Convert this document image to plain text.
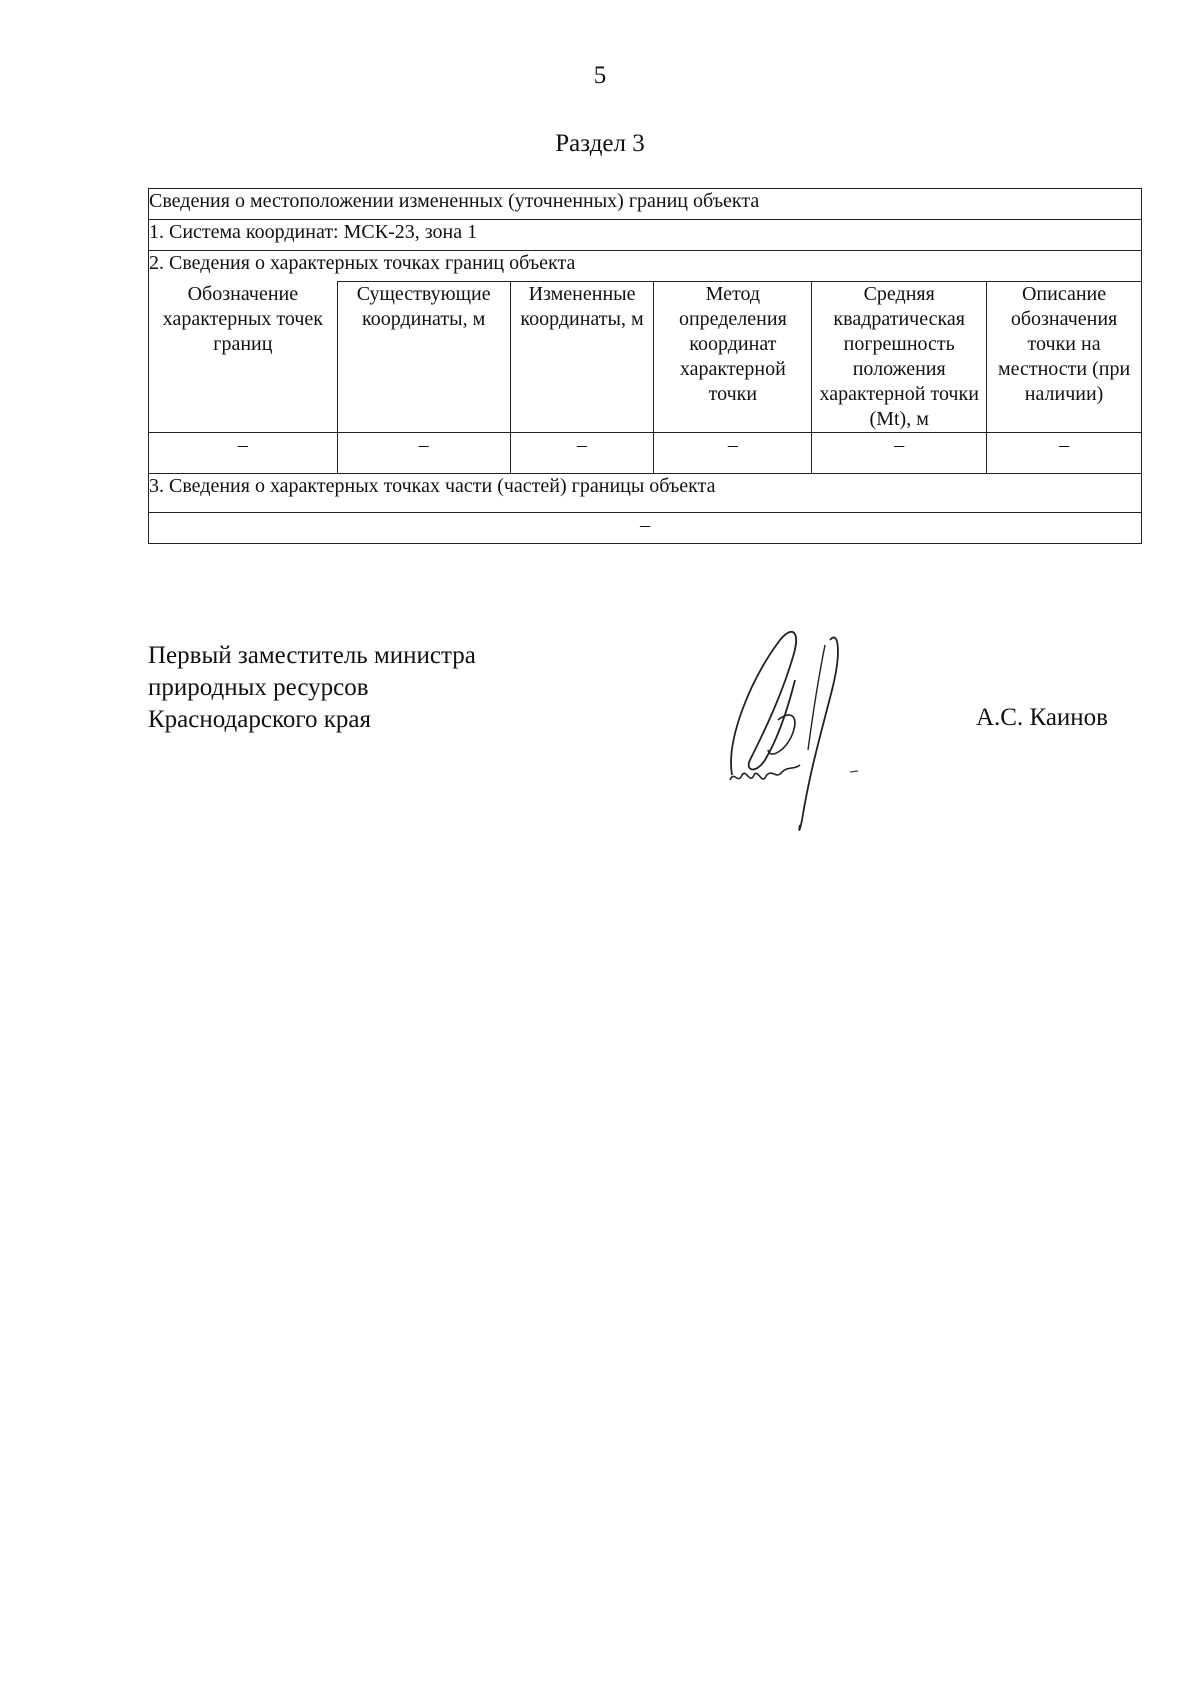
5
Раздел 3
Сведения о местоположении измененных (уточненных) границ объекта					
1. Система координат: МСК-23, зона 1					
2. Сведения о характерных точках границ объекта					
Обозначение характерных точек границ	Существующие координаты, м	Измененные координаты, м	Метод определения координат характерной точки	Средняя квадратическая погрешность положения характерной точки (Mt), м	Описание обозначения точки на местности (при наличии)
–	–	–	–	–	–
3. Сведения о характерных точках части (частей) границы объекта					
–					
Первый заместитель министра
природных ресурсов
Краснодарского края	А.С. Каинов
